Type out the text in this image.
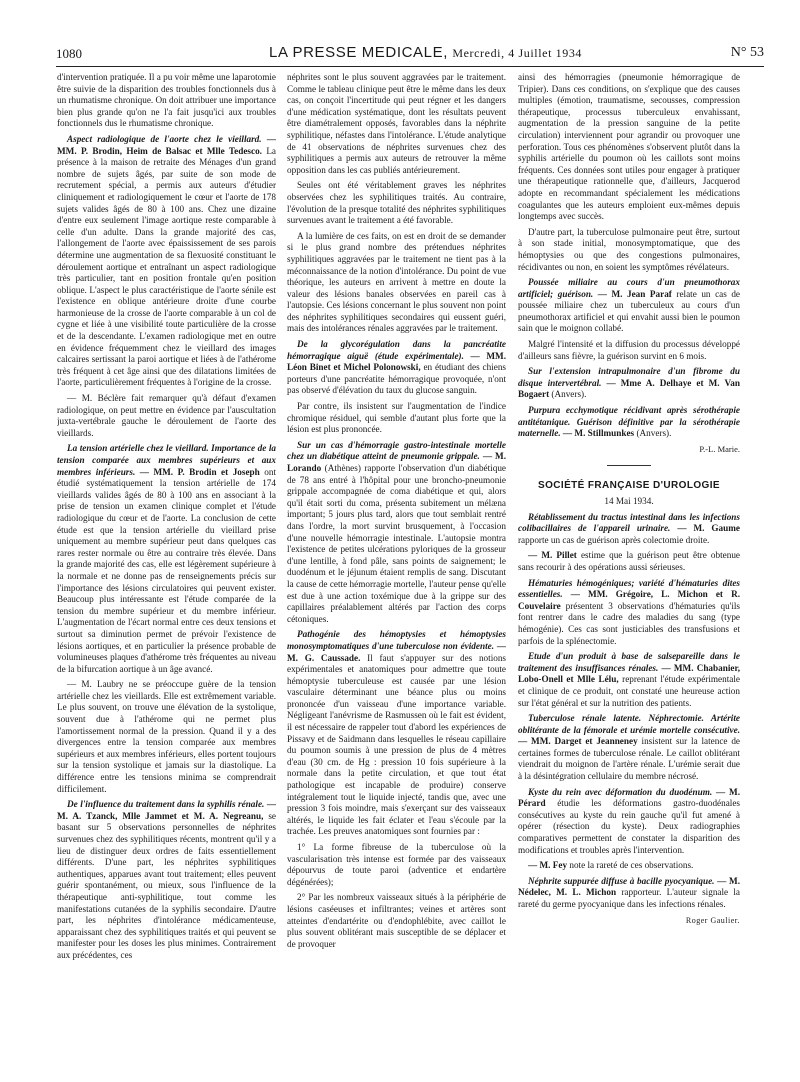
1080	LA PRESSE MEDICALE, Mercredi, 4 Juillet 1934	N° 53

d'intervention pratiquée. Il a pu voir même une laparotomie être suivie de la disparition des troubles fonctionnels dus à un rhumatisme chronique. On doit attribuer une importance bien plus grande qu'on ne l'a fait jusqu'ici aux troubles fonctionnels dus le rhumatisme chronique.

Aspect radiologique de l'aorte chez le vieillard. — MM. P. Brodin, Heim de Balsac et Mlle Tedesco. La présence à la maison de retraite des Ménages d'un grand nombre de sujets âgés, par suite de son mode de recrutement spécial, a permis aux auteurs d'étudier cliniquement et radiologiquement le cœur et l'aorte de 178 sujets valides âgés de 80 à 100 ans. Chez une dizaine d'entre eux seulement l'image aortique reste comparable à celle d'un adulte. Dans la grande majorité des cas, l'allongement de l'aorte avec épaississement de ses parois détermine une augmentation de sa flexuosité constituant le déroulement aortique et entraînant un aspect radiologique très particulier, tant en position frontale qu'en position oblique. L'aspect le plus caractéristique de l'aorte sénile est l'existence en oblique antérieure droite d'une courbe harmonieuse de la crosse de l'aorte comparable à un col de cygne et liée à une visibilité toute particulière de la crosse et de la descendante. L'examen radiologique met en outre en évidence fréquemment chez le vieillard des images calcaires sertissant la paroi aortique et liées à de l'athérome très fréquent à cet âge ainsi que des dilatations limitées de l'aorte, particulièrement fréquentes à l'origine de la crosse.

— M. Béclère fait remarquer qu'à défaut d'examen radiologique, on peut mettre en évidence par l'auscultation juxta-vertébrale gauche le déroulement de l'aorte des vieillards.

La tension artérielle chez le vieillard. Importance de la tension comparée aux membres supérieurs et aux membres inférieurs. — MM. P. Brodin et Joseph ont étudié systématiquement la tension artérielle de 174 vieillards valides âgés de 80 à 100 ans en associant à la prise de tension un examen clinique complet et l'étude radiologique du cœur et de l'aorte. La conclusion de cette étude est que la tension artérielle du vieillard prise uniquement au membre supérieur peut dans quelques cas rares rester normale ou être au contraire très élevée. Dans la grande majorité des cas, elle est légèrement supérieure à la normale et ne donne pas de renseignements précis sur l'importance des lésions circulatoires qui peuvent exister. Beaucoup plus intéressante est l'étude comparée de la tension du membre supérieur et du membre inférieur. L'augmentation de l'écart normal entre ces deux tensions et surtout sa diminution permet de prévoir l'existence de lésions aortiques, et en particulier la présence probable de volumineuses plaques d'athérome très fréquentes au niveau de la bifurcation aortique à un âge avancé.

— M. Laubry ne se préoccupe guère de la tension artérielle chez les vieillards. Elle est extrêmement variable. Le plus souvent, on trouve une élévation de la systolique, souvent due à l'athérome qui ne permet plus l'amortissement normal de la pression. Quand il y a des divergences entre la tension comparée aux membres supérieurs et aux membres inférieurs, elles portent toujours sur la tension systolique et jamais sur la diastolique. La différence entre les tensions minima se comprendrait difficilement.

De l'influence du traitement dans la syphilis rénale. — M. A. Tzanck, Mlle Jammet et M. A. Negreanu, se basant sur 5 observations personnelles de néphrites survenues chez des syphilitiques récents, montrent qu'il y a lieu de distinguer deux ordres de faits essentiellement différents. D'une part, les néphrites syphilitiques authentiques, apparues avant tout traitement; elles peuvent guérir spontanément, ou mieux, sous l'influence de la thérapeutique anti-syphilitique, tout comme les manifestations cutanées de la syphilis secondaire. D'autre part, les néphrites d'intolérance médicamenteuse, apparaissant chez des syphilitiques traités et qui peuvent se manifester pour les doses les plus minimes. Contrairement aux précédentes, ces

néphrites sont le plus souvent aggravées par le traitement. Comme le tableau clinique peut être le même dans les deux cas, on conçoit l'incertitude qui peut régner et les dangers d'une médication systématique, dont les résultats peuvent être diamétralement opposés, favorables dans la néphrite syphilitique, néfastes dans l'intolérance. L'étude analytique de 41 observations de néphrites survenues chez des syphilitiques a permis aux auteurs de retrouver la même opposition dans les cas publiés antérieurement.

Seules ont été véritablement graves les néphrites observées chez les syphilitiques traités. Au contraire, l'évolution de la presque totalité des néphrites syphilitiques survenues avant le traitement a été favorable.

A la lumière de ces faits, on est en droit de se demander si le plus grand nombre des prétendues néphrites syphilitiques aggravées par le traitement ne tient pas à la méconnaissance de la notion d'intolérance. Du point de vue théorique, les auteurs en arrivent à mettre en doute la valeur des lésions banales observées en pareil cas à l'autopsie. Ces lésions concernant le plus souvent non point des néphrites syphilitiques secondaires qui eussent guéri, mais des intolérances rénales aggravées par le traitement.

De la glycorégulation dans la pancréatite hémorragique aiguë (étude expérimentale). — MM. Léon Binet et Michel Polonowski, en étudiant des chiens porteurs d'une pancréatite hémorragique provoquée, n'ont pas observé d'élévation du taux du glucose sanguin.

Par contre, ils insistent sur l'augmentation de l'indice chromique résiduel, qui semble d'autant plus forte que la lésion est plus prononcée.

Sur un cas d'hémorragie gastro-intestinale mortelle chez un diabétique atteint de pneumonie grippale. — M. Lorando (Athènes) rapporte l'observation d'un diabétique de 78 ans entré à l'hôpital pour une broncho-pneumonie grippale accompagnée de coma diabétique et qui, alors qu'il était sorti du coma, présenta subitement un mélæna important; 5 jours plus tard, alors que tout semblait rentré dans l'ordre, la mort survint brusquement, à l'occasion d'une nouvelle hémorragie intestinale. L'autopsie montra l'existence de petites ulcérations pyloriques de la grosseur d'une lentille, à fond pâle, sans points de saignement; le duodénum et le jéjunum étaient remplis de sang. Discutant la cause de cette hémorragie mortelle, l'auteur pense qu'elle est due à une action toxémique due à la grippe sur des capillaires préalablement altérés par l'action des corps cétoniques.

Pathogénie des hémoptysies et hémoptysies monosymptomatiques d'une tuberculose non évidente. — M. G. Caussade. Il faut s'appuyer sur des notions expérimentales et anatomiques pour admettre que toute hémoptysie tuberculeuse est causée par une lésion vasculaire déterminant une béance plus ou moins prononcée d'un vaisseau d'une importance variable. Négligeant l'anévrisme de Rasmussen où le fait est évident, il est nécessaire de rappeler tout d'abord les expériences de Pissavy et de Saidmann dans lesquelles le réseau capillaire du poumon soumis à une pression de plus de 4 mètres d'eau (30 cm. de Hg : pression 10 fois supérieure à la normale dans la petite circulation, et que tout état pathologique est incapable de produire) conserve intégralement tout le liquide injecté, tandis que, avec une pression 3 fois moindre, mais s'exerçant sur des vaisseaux altérés, le liquide les fait éclater et l'eau s'écoule par la trachée. Les preuves anatomiques sont fournies par :

1° La forme fibreuse de la tuberculose où la vascularisation très intense est formée par des vaisseaux dépourvus de toute paroi (adventice et endartère dégénérées);

2° Par les nombreux vaisseaux situés à la périphérie de lésions caséeuses et infiltrantes; veines et artères sont atteintes d'endartérite ou d'endophlébite, avec caillot le plus souvent oblitérant mais susceptible de se déplacer et de provoquer

ainsi des hémorragies (pneumonie hémorragique de Tripier). Dans ces conditions, on s'explique que des causes multiples (émotion, traumatisme, secousses, compression thérapeutique, processus tuberculeux envahissant, augmentation de la pression sanguine de la petite circulation) interviennent pour agrandir ou provoquer une perforation. Tous ces phénomènes s'observent plutôt dans la syphilis artérielle du poumon où les caillots sont moins fréquents. Ces données sont utiles pour engager à pratiquer une thérapeutique rationnelle que, d'ailleurs, Jacquerod adopte en recommandant spécialement les médications coagulantes que les auteurs emploient eux-mêmes depuis longtemps avec succès.

D'autre part, la tuberculose pulmonaire peut être, surtout à son stade initial, monosymptomatique, que des hémoptysies ou que des congestions pulmonaires, récidivantes ou non, en soient les symptômes révélateurs.

Poussée miliaire au cours d'un pneumothorax artificiel; guérison. — M. Jean Paraf relate un cas de poussée miliaire chez un tuberculeux au cours d'un pneumothorax artificiel et qui envahit aussi bien le poumon sain que le moignon collabé.

Malgré l'intensité et la diffusion du processus développé d'ailleurs sans fièvre, la guérison survint en 6 mois.

Sur l'extension intrapulmonaire d'un fibrome du disque intervertébral. — Mme A. Delhaye et M. Van Bogaert (Anvers).

Purpura ecchymotique récidivant après sérothérapie antitétanique. Guérison définitive par la sérothérapie maternelle. — M. Stillmunkes (Anvers).

P.-L. Marie.
SOCIÉTÉ FRANÇAISE D'UROLOGIE
14 Mai 1934.

Rétablissement du tractus intestinal dans les infections colibacillaires de l'appareil urinaire. — M. Gaume rapporte un cas de guérison après colectomie droite.

— M. Pillet estime que la guérison peut être obtenue sans recourir à des opérations aussi sérieuses.

Hématuries hémogéniques; variété d'hématuries dites essentielles. — MM. Grégoire, L. Michon et R. Couvelaire présentent 3 observations d'hématuries qu'ils font rentrer dans le cadre des maladies du sang (type hémogénie). Ces cas sont justiciables des transfusions et parfois de la splénectomie.

Etude d'un produit à base de salsepareille dans le traitement des insuffisances rénales. — MM. Chabanier, Lobo-Onell et Mlle Lélu, reprenant l'étude expérimentale et clinique de ce produit, ont constaté une heureuse action sur l'état général et sur la nutrition des patients.

Tuberculose rénale latente. Néphrectomie. Artérite oblitérante de la fémorale et urémie mortelle consécutive. — MM. Darget et Jeanneney insistent sur la latence de certaines formes de tuberculose rénale. Le caillot oblitérant viendrait du moignon de l'artère rénale. L'urémie serait due à la désintégration cellulaire du membre nécrosé.

Kyste du rein avec déformation du duodénum. — M. Pérard étudie les déformations gastro-duodénales consécutives au kyste du rein gauche qu'il fut amené à opérer (résection du kyste). Deux radiographies comparatives permettent de constater la disparition des modifications et troubles après l'intervention.

— M. Fey note la rareté de ces observations.

Néphrite suppurée diffuse à bacille pyocyanique. — M. Nédelec, M. L. Michon rapporteur. L'auteur signale la rareté du germe pyocyanique dans les infections rénales.

Roger Gaulier.
